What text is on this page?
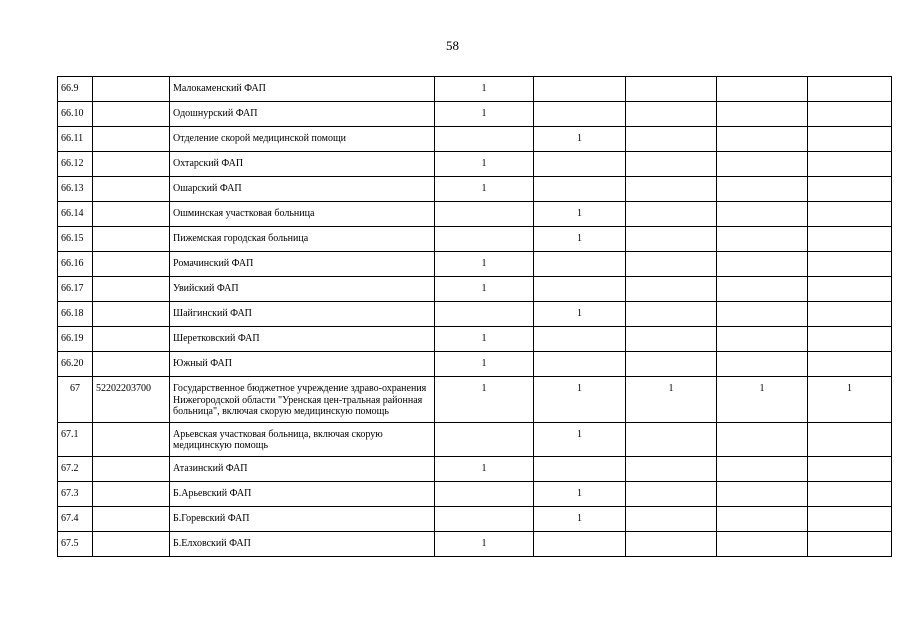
58
66.9		Малокаменский ФАП	1				
66.10		Одошнурский ФАП	1				
66.11		Отделение скорой медицинской помощи		1			
66.12		Охтарский ФАП	1				
66.13		Ошарский ФАП	1				
66.14		Ошминская участковая больница		1			
66.15		Пижемская городская больница		1			
66.16		Ромачинский ФАП	1				
66.17		Увийский ФАП	1				
66.18		Шайгинский ФАП		1			
66.19		Шеретковский ФАП	1				
66.20		Южный ФАП	1				
67	52202203700	Государственное бюджетное учреждение здраво-охранения Нижегородской области "Уренская цен-тральная районная больница", включая скорую медицинскую помощь	1	1	1	1	1
67.1		Арьевская участковая больница, включая скорую медицинскую помощь		1			
67.2		Атазинский ФАП	1				
67.3		Б.Арьевский ФАП		1			
67.4		Б.Горевский ФАП		1			
67.5		Б.Елховский ФАП	1				
